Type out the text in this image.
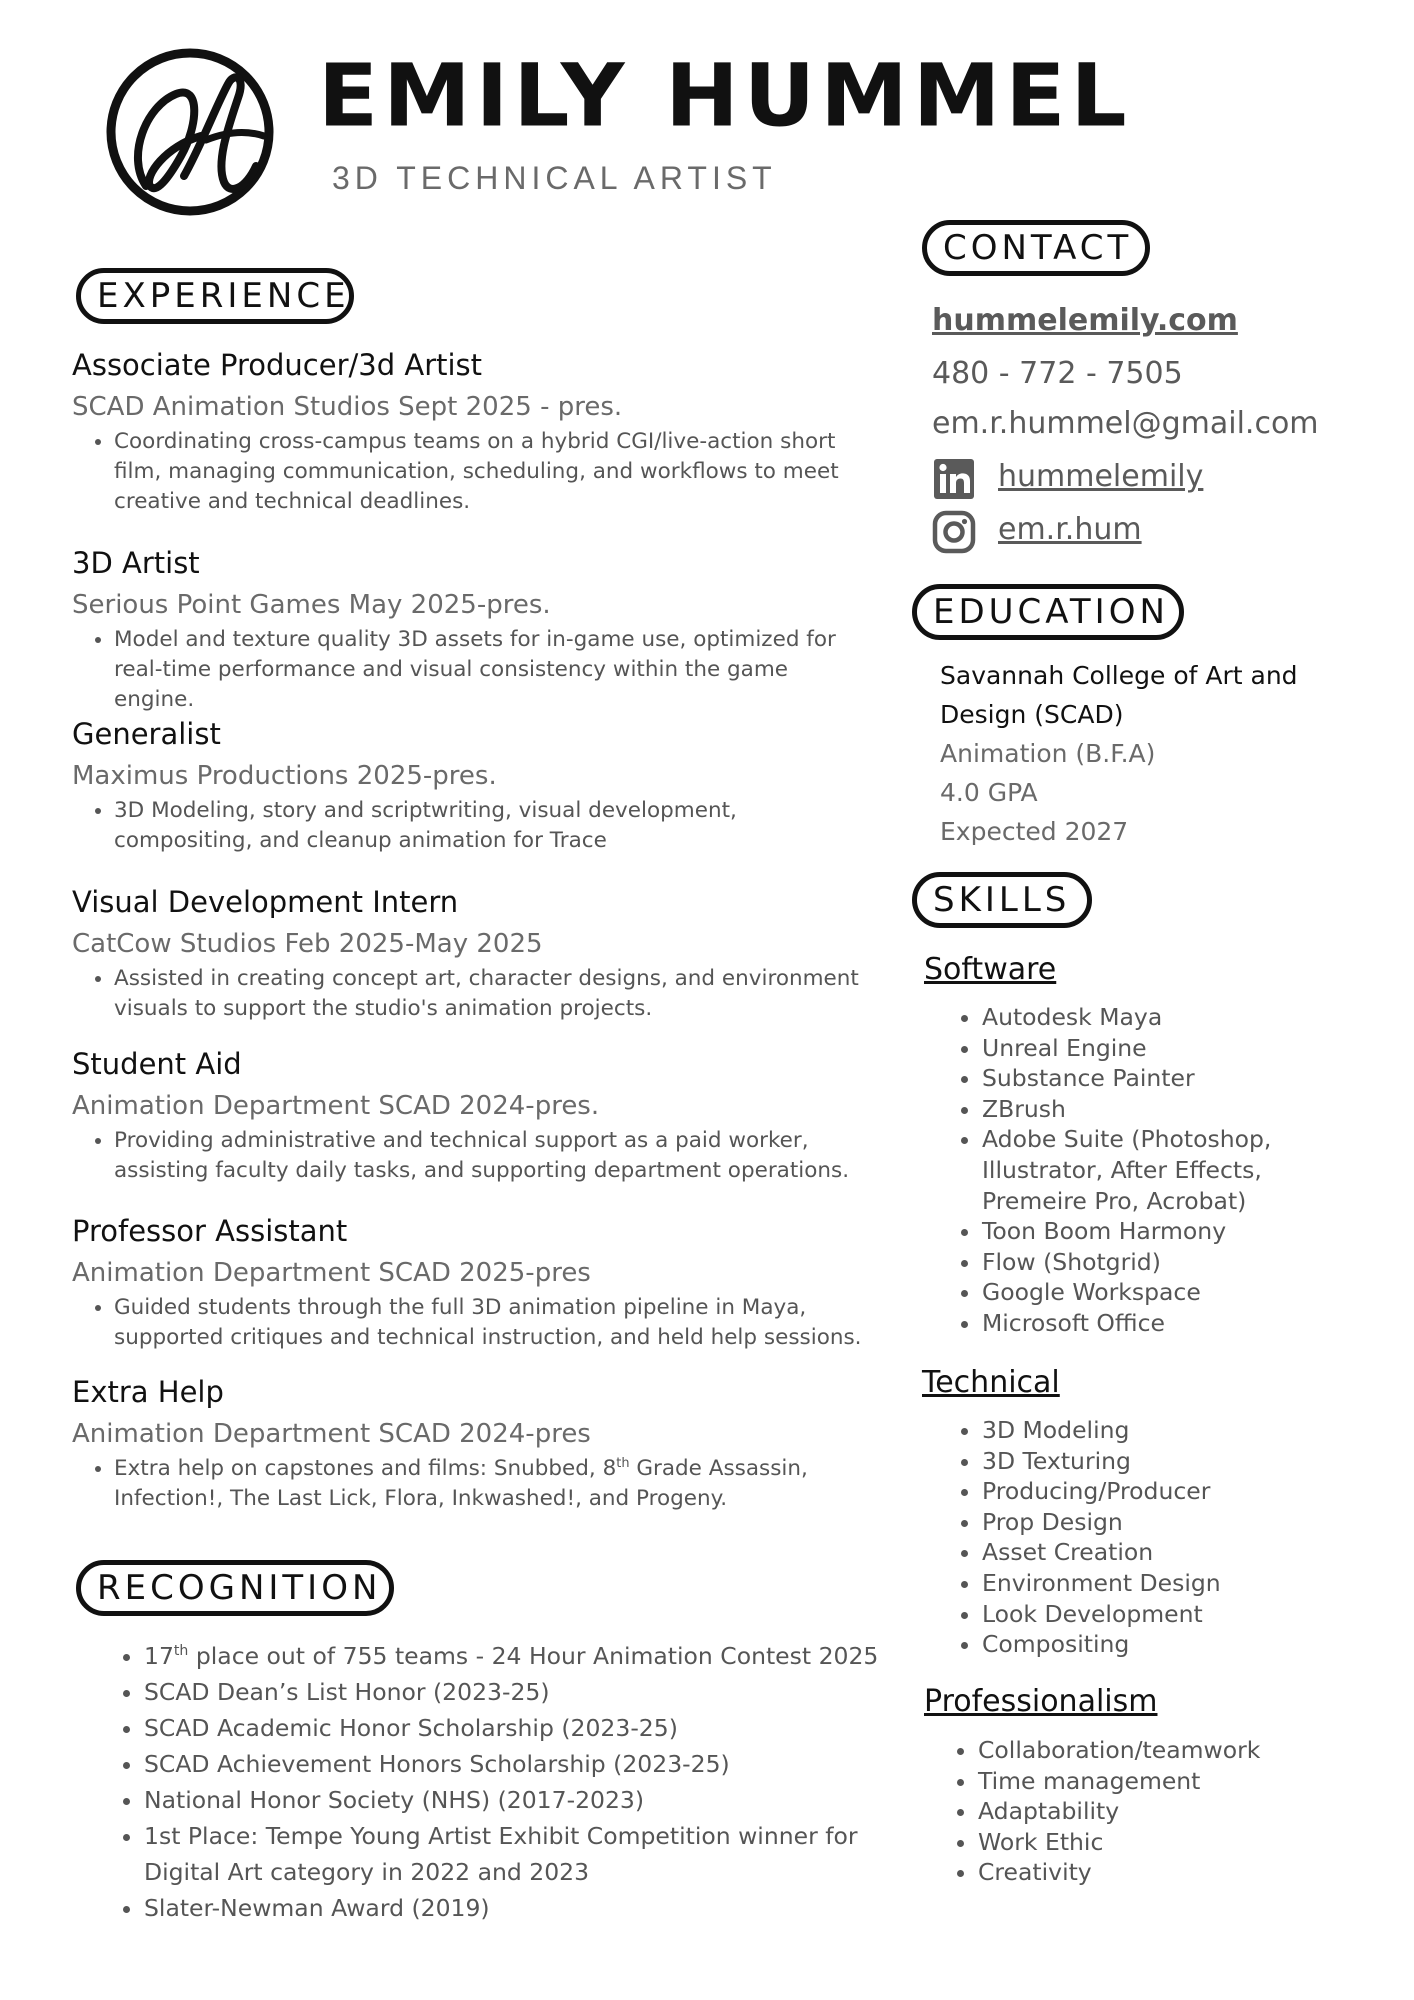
EMILY HUMMEL
3D TECHNICAL ARTIST
EXPERIENCE
Associate Producer/3d Artist
SCAD Animation Studios Sept 2025 - pres.
• Coordinating cross-campus teams on a hybrid CGI/live-action short film, managing communication, scheduling, and workflows to meet creative and technical deadlines.
3D Artist
Serious Point Games May 2025-pres.
• Model and texture quality 3D assets for in-game use, optimized for real-time performance and visual consistency within the game engine.
Generalist
Maximus Productions 2025-pres.
• 3D Modeling, story and scriptwriting, visual development, compositing, and cleanup animation for Trace
Visual Development Intern
CatCow Studios Feb 2025-May 2025
• Assisted in creating concept art, character designs, and environment visuals to support the studio's animation projects.
Student Aid
Animation Department SCAD 2024-pres.
• Providing administrative and technical support as a paid worker, assisting faculty daily tasks, and supporting department operations.
Professor Assistant
Animation Department SCAD 2025-pres
• Guided students through the full 3D animation pipeline in Maya, supported critiques and technical instruction, and held help sessions.
Extra Help
Animation Department SCAD 2024-pres
• Extra help on capstones and films: Snubbed, 8th Grade Assassin, Infection!, The Last Lick, Flora, Inkwashed!, and Progeny.
RECOGNITION
• 17th place out of 755 teams - 24 Hour Animation Contest 2025
• SCAD Dean’s List Honor (2023-25)
• SCAD Academic Honor Scholarship (2023-25)
• SCAD Achievement Honors Scholarship (2023-25)
• National Honor Society (NHS) (2017-2023)
• 1st Place: Tempe Young Artist Exhibit Competition winner for Digital Art category in 2022 and 2023
• Slater-Newman Award (2019)
CONTACT
hummelemily.com
480 - 772 - 7505
em.r.hummel@gmail.com
hummelemily
em.r.hum
EDUCATION
Savannah College of Art and Design (SCAD)
Animation (B.F.A)
4.0 GPA
Expected 2027
SKILLS
Software
• Autodesk Maya
• Unreal Engine
• Substance Painter
• ZBrush
• Adobe Suite (Photoshop, Illustrator, After Effects, Premeire Pro, Acrobat)
• Toon Boom Harmony
• Flow (Shotgrid)
• Google Workspace
• Microsoft Office
Technical
• 3D Modeling
• 3D Texturing
• Producing/Producer
• Prop Design
• Asset Creation
• Environment Design
• Look Development
• Compositing
Professionalism
• Collaboration/teamwork
• Time management
• Adaptability
• Work Ethic
• Creativity
